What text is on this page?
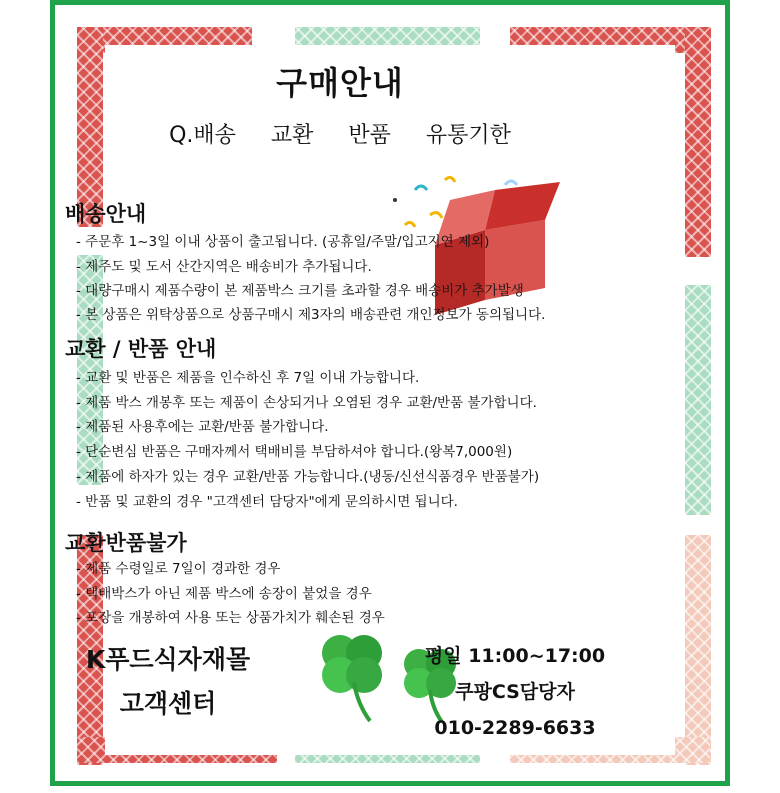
구매안내
Q.배송 교환 반품 유통기한
배송안내
- 주문후 1~3일 이내 상품이 출고됩니다. (공휴일/주말/입고지연 제외)
- 제주도 및 도서 산간지역은 배송비가 추가됩니다.
- 대량구매시 제품수량이 본 제품박스 크기를 초과할 경우 배송비가 추가발생
- 본 상품은 위탁상품으로 상품구매시 제3자의 배송관련 개인정보가 동의됩니다.
교환 / 반품 안내
- 교환 및 반품은 제품을 인수하신 후 7일 이내 가능합니다.
- 제품 박스 개봉후 또는 제품이 손상되거나 오염된 경우 교환/반품 불가합니다.
- 제품된 사용후에는 교환/반품 불가합니다.
- 단순변심 반품은 구매자께서 택배비를 부담하셔야 합니다.(왕복7,000원)
- 제품에 하자가 있는 경우 교환/반품 가능합니다.(냉동/신선식품경우 반품불가)
- 반품 및 교환의 경우 "고객센터 담당자"에게 문의하시면 됩니다.
교환반품불가
- 제품 수령일로 7일이 경과한 경우
- 택배박스가 아닌 제품 박스에 송장이 붙었을 경우
- 포장을 개봉하여 사용 또는 상품가치가 훼손된 경우
K푸드식자재몰
고객센터
평일 11:00~17:00
쿠팡CS담당자
010-2289-6633
